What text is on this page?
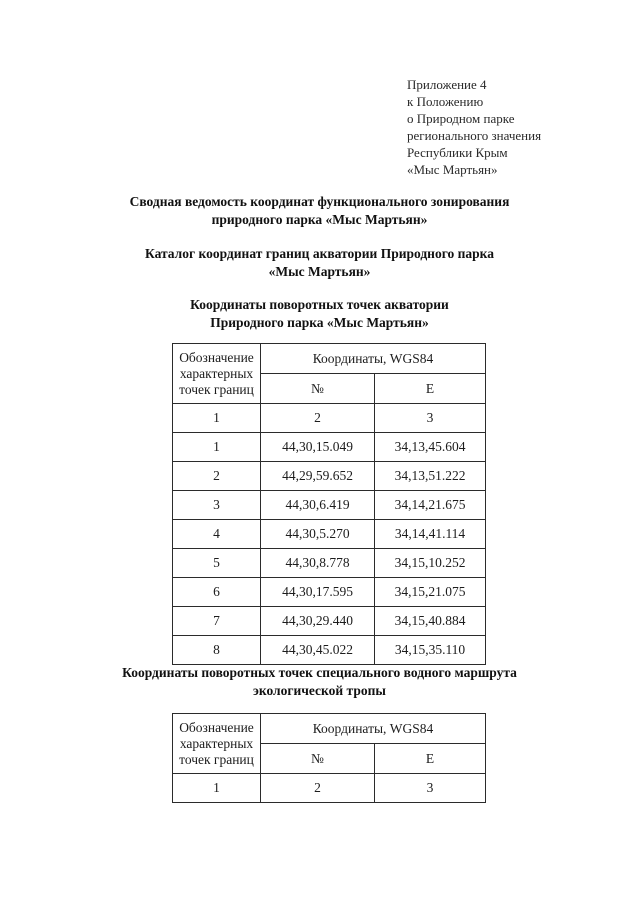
Приложение 4
к Положению
о Природном парке
регионального значения
Республики Крым
«Мыс Мартьян»
Сводная ведомость координат функционального зонирования
природного парка «Мыс Мартьян»
Каталог координат границ акватории Природного парка
«Мыс Мартьян»
Координаты поворотных точек акватории
Природного парка «Мыс Мартьян»
Обозначение
характерных
точек границ	Координаты, WGS84	
	№	Е
1	2	3
1	44,30,15.049	34,13,45.604
2	44,29,59.652	34,13,51.222
3	44,30,6.419	34,14,21.675
4	44,30,5.270	34,14,41.114
5	44,30,8.778	34,15,10.252
6	44,30,17.595	34,15,21.075
7	44,30,29.440	34,15,40.884
8	44,30,45.022	34,15,35.110
Координаты поворотных точек специального водного маршрута
экологической тропы
Обозначение
характерных
точек границ	Координаты, WGS84	
	№	Е
1	2	3
